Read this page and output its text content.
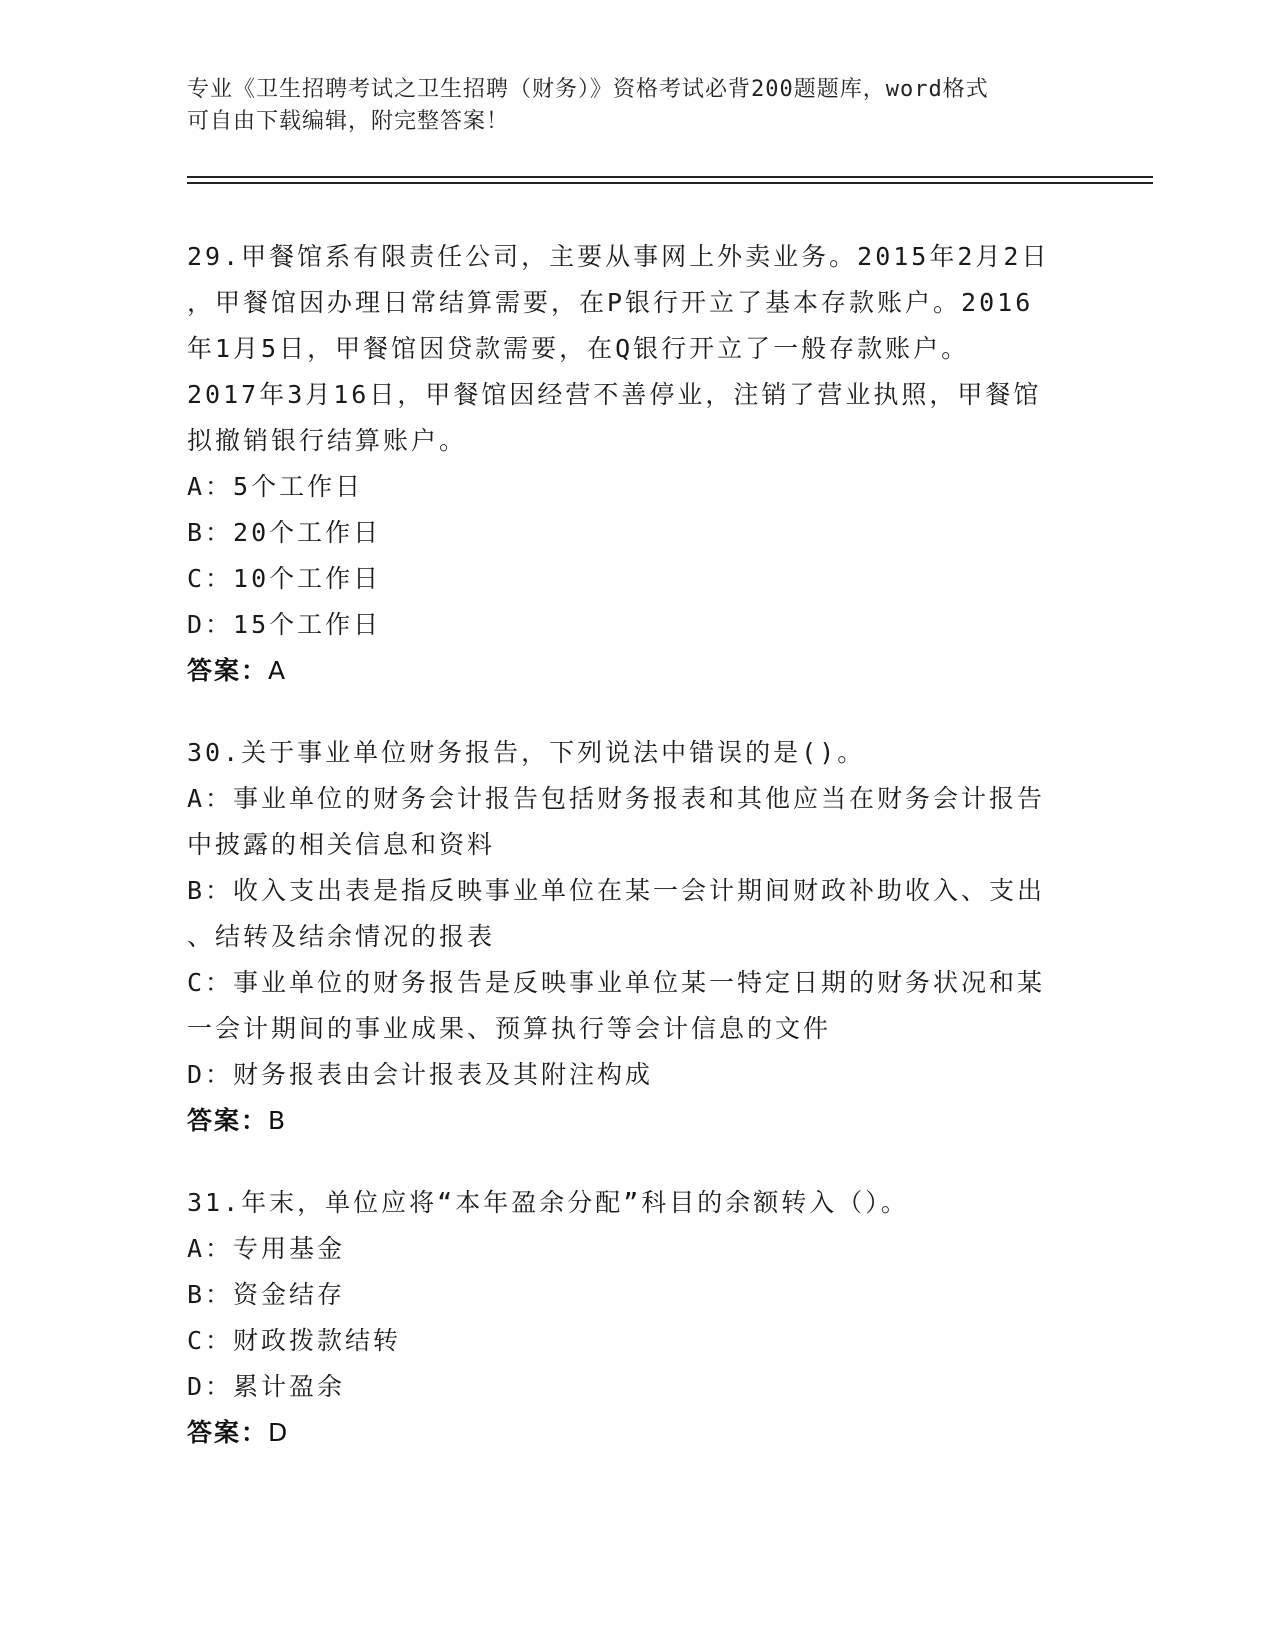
专业《卫生招聘考试之卫生招聘（财务）》资格考试必背200题题库，word格式
可自由下载编辑，附完整答案！
29.甲餐馆系有限责任公司，主要从事网上外卖业务。2015年2月2日
，甲餐馆因办理日常结算需要，在P银行开立了基本存款账户。2016
年1月5日，甲餐馆因贷款需要，在Q银行开立了一般存款账户。
2017年3月16日，甲餐馆因经营不善停业，注销了营业执照，甲餐馆
拟撤销银行结算账户。
A：5个工作日
B：20个工作日
C：10个工作日
D：15个工作日
答案：A
30.关于事业单位财务报告，下列说法中错误的是()。
A：事业单位的财务会计报告包括财务报表和其他应当在财务会计报告
中披露的相关信息和资料
B：收入支出表是指反映事业单位在某一会计期间财政补助收入、支出
、结转及结余情况的报表
C：事业单位的财务报告是反映事业单位某一特定日期的财务状况和某
一会计期间的事业成果、预算执行等会计信息的文件
D：财务报表由会计报表及其附注构成
答案：B
31.年末，单位应将“本年盈余分配”科目的余额转入（）。
A：专用基金
B：资金结存
C：财政拨款结转
D：累计盈余
答案：D
